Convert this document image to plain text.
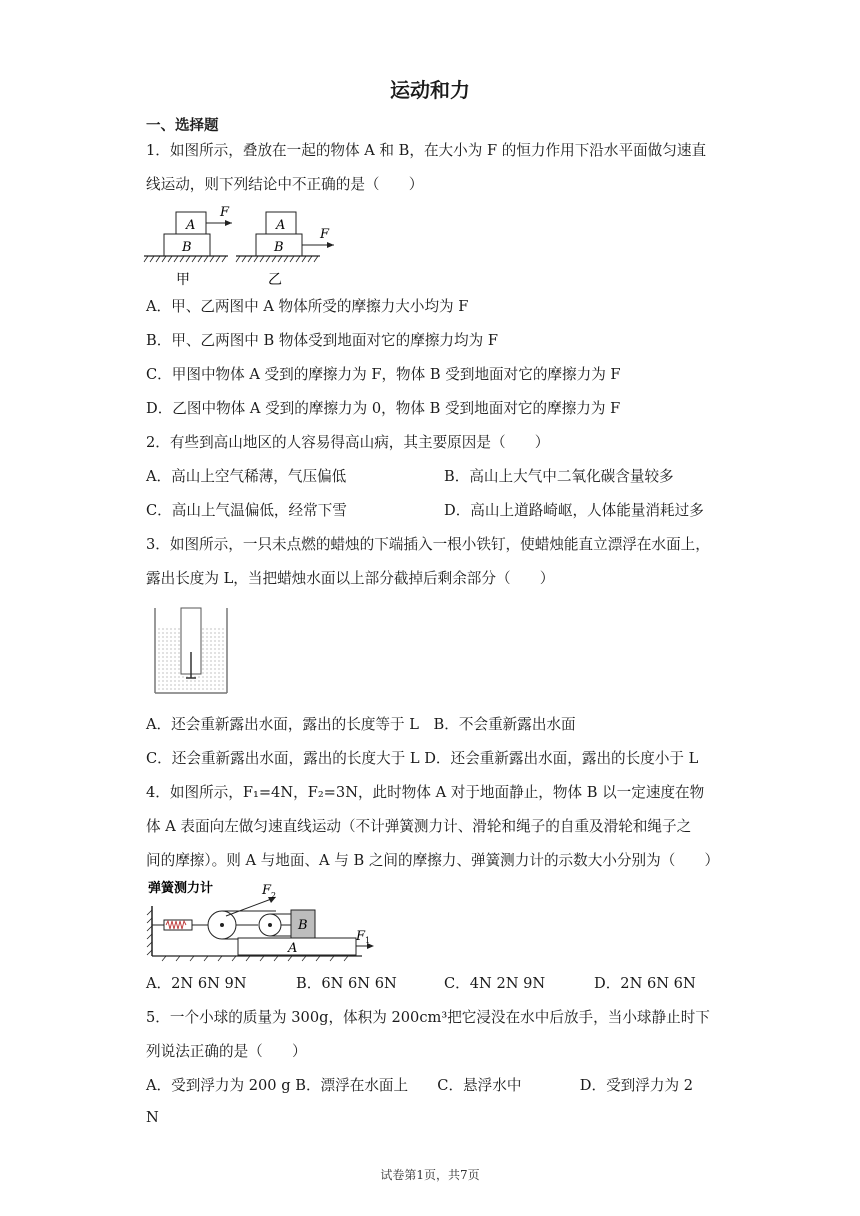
运动和力
一、选择题
1．如图所示，叠放在一起的物体 A 和 B，在大小为 F 的恒力作用下沿水平面做匀速直
线运动，则下列结论中不正确的是（　　）
A
B
F
甲
A
B
F
乙
A．甲、乙两图中 A 物体所受的摩擦力大小均为 F
B．甲、乙两图中 B 物体受到地面对它的摩擦力均为 F
C．甲图中物体 A 受到的摩擦力为 F，物体 B 受到地面对它的摩擦力为 F
D．乙图中物体 A 受到的摩擦力为 0，物体 B 受到地面对它的摩擦力为 F
2．有些到高山地区的人容易得高山病，其主要原因是（　　）
A．高山上空气稀薄，气压偏低	B．高山上大气中二氧化碳含量较多
C．高山上气温偏低，经常下雪	D．高山上道路崎岖，人体能量消耗过多
3．如图所示，一只未点燃的蜡烛的下端插入一根小铁钉，使蜡烛能直立漂浮在水面上，
露出长度为 L，当把蜡烛水面以上部分截掉后剩余部分（　　）
A．还会重新露出水面，露出的长度等于 L　B．不会重新露出水面
C．还会重新露出水面，露出的长度大于 L D．还会重新露出水面，露出的长度小于 L
4．如图所示，F₁=4N，F₂=3N，此时物体 A 对于地面静止，物体 B 以一定速度在物
体 A 表面向左做匀速直线运动（不计弹簧测力计、滑轮和绳子的自重及滑轮和绳子之
间的摩擦）。则 A 与地面、A 与 B 之间的摩擦力、弹簧测力计的示数大小分别为（　　）
弹簧测力计	F 2
B
A
F 1
A．2N 6N 9N	B．6N 6N 6N	C．4N 2N 9N	D．2N 6N 6N
5．一个小球的质量为 300g，体积为 200cm³把它浸没在水中后放手，当小球静止时下
列说法正确的是（　　）
A．受到浮力为 200 g B．漂浮在水面上　　C．悬浮水中　　　　D．受到浮力为 2
N
试卷第1页，共7页
